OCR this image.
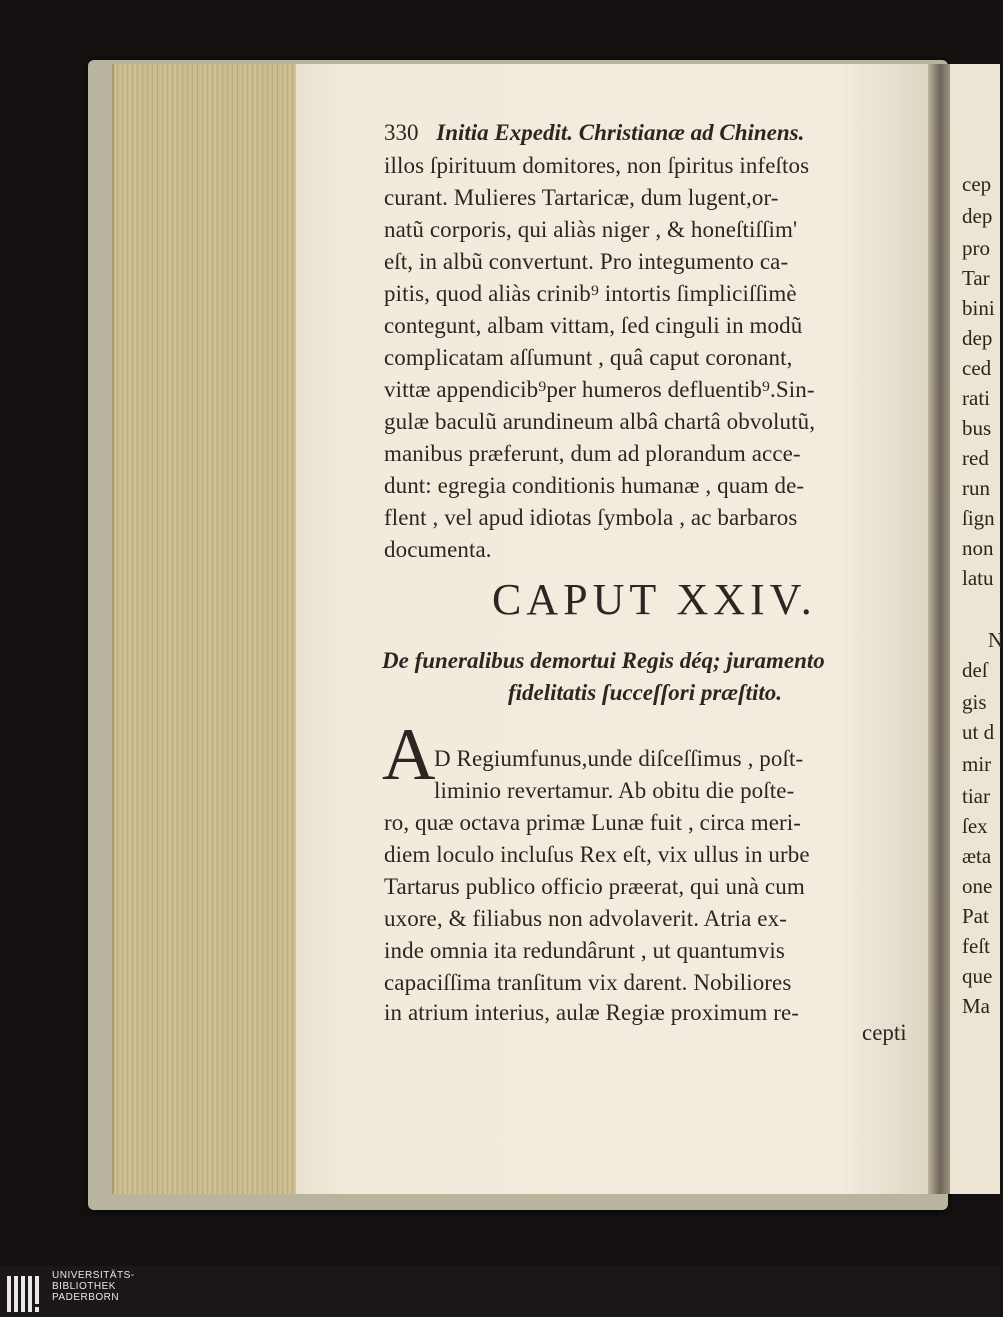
330 Initia Expedit. Christianæ ad Chinens.
illos ſpirituum domitores, non ſpiritus infeſtos
curant. Mulieres Tartaricæ, dum lugent,or-
natũ corporis, qui aliàs niger , & honeſtiſſim'
eſt, in albũ convertunt. Pro integumento ca-
pitis, quod aliàs crinib⁹ intortis ſimpliciſſimè
contegunt, albam vittam, ſed cinguli in modũ
complicatam aſſumunt , quâ caput coronant,
vittæ appendicib⁹per humeros defluentib⁹.Sin-
gulæ baculũ arundineum albâ chartâ obvolutũ,
manibus præferunt, dum ad plorandum acce-
dunt: egregia conditionis humanæ , quam de-
flent , vel apud idiotas ſymbola , ac barbaros
documenta.
CAPUT XXIV.
De funeralibus demortui Regis déq; juramento
fidelitatis ſucceſſori præſtito.
A
D Regiumfunus,unde diſceſſimus , poſt-
liminio revertamur. Ab obitu die poſte-
ro, quæ octava primæ Lunæ fuit , circa meri-
diem loculo incluſus Rex eſt, vix ullus in urbe
Tartarus publico officio præerat, qui unà cum
uxore, & filiabus non advolaverit. Atria ex-
inde omnia ita redundârunt , ut quantumvis
capaciſſima tranſitum vix darent. Nobiliores
in atrium interius, aulæ Regiæ proximum re-
cepti
cep
dep
pro
Tar
bini
dep
ced
rati
bus
red
run
ſign
non
latu
N
deſ
gis
ut d
mir
tiar
ſex
æta
one
Pat
feſt
que
Ma
UNIVERSITÄTS-
BIBLIOTHEK
PADERBORN
